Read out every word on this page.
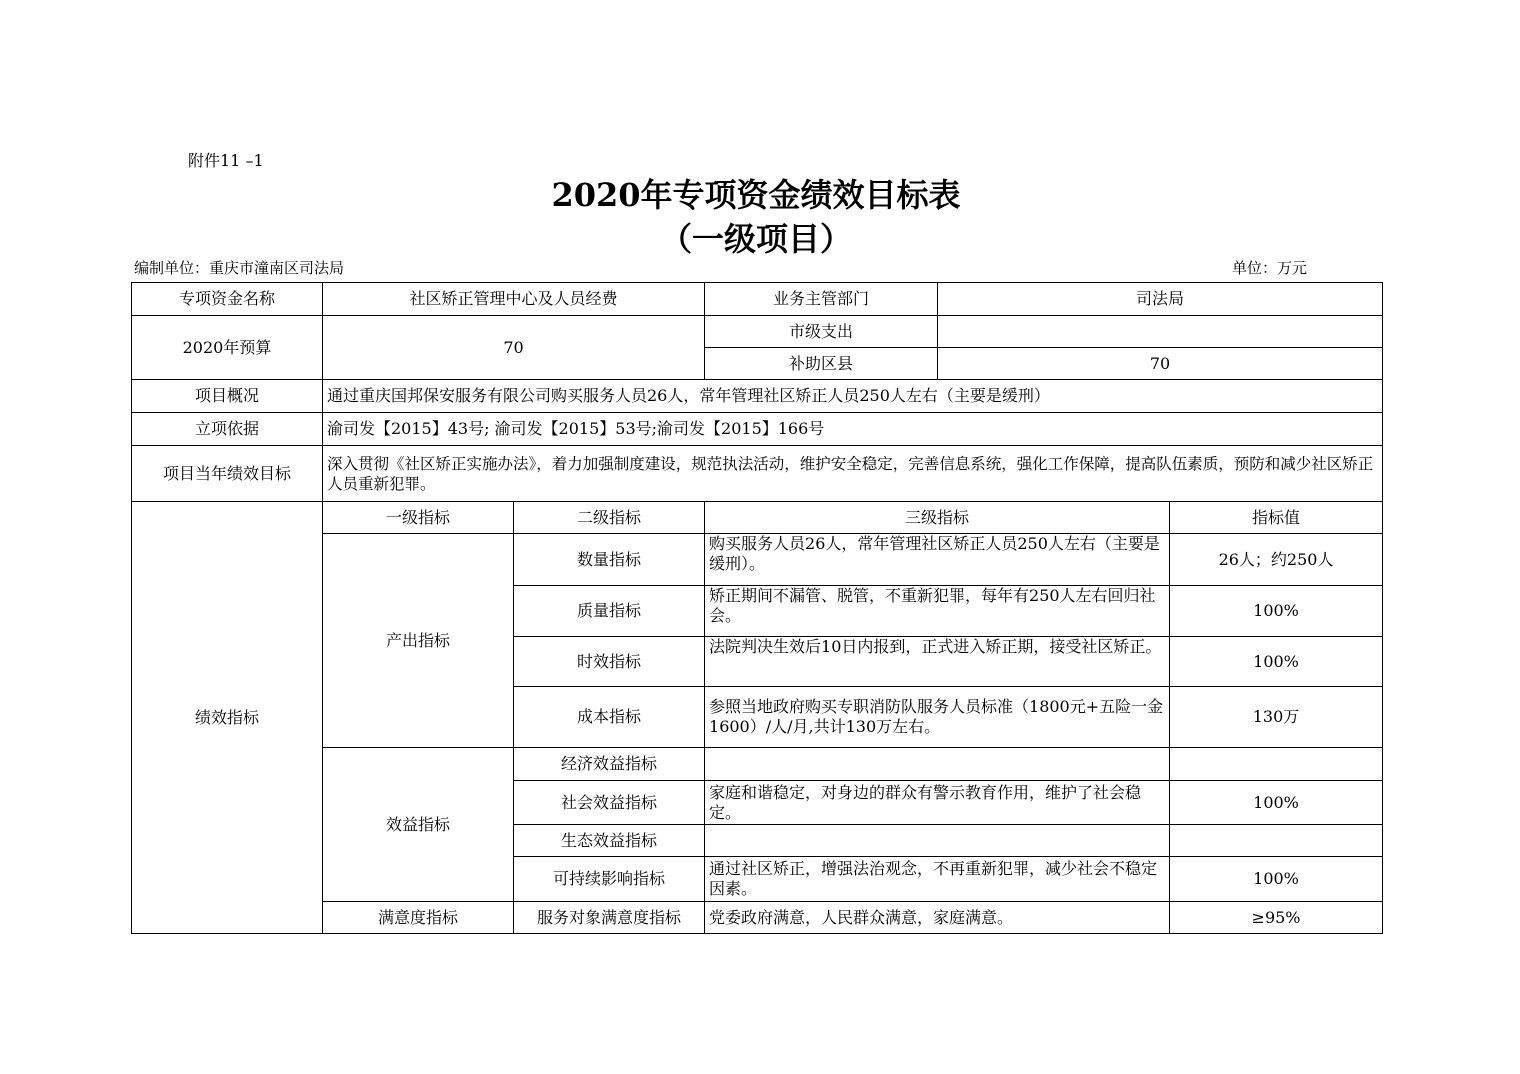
附件11 –1
2020年专项资金绩效目标表
（一级项目）
编制单位：重庆市潼南区司法局	单位：万元
专项资金名称	社区矫正管理中心及人员经费		业务主管部门	司法局	
2020年预算	70		市级支出		
			补助区县	70	
项目概况	通过重庆国邦保安服务有限公司购买服务人员26人，常年管理社区矫正人员250人左右（主要是缓刑）				
立项依据	渝司发【2015】43号; 渝司发【2015】53号;渝司发【2015】166号				
项目当年绩效目标	深入贯彻《社区矫正实施办法》，着力加强制度建设，规范执法活动，维护安全稳定，完善信息系统，强化工作保障，提高队伍素质，预防和减少社区矫正人员重新犯罪。				
绩效指标	一级指标	二级指标	三级指标		指标值
	产出指标	数量指标	购买服务人员26人，常年管理社区矫正人员250人左右（主要是缓刑）。		26人；约250人
		质量指标	矫正期间不漏管、脱管，不重新犯罪，每年有250人左右回归社会。		100%
		时效指标	法院判决生效后10日内报到，正式进入矫正期，接受社区矫正。		100%
		成本指标	参照当地政府购买专职消防队服务人员标准（1800元+五险一金1600）/人/月,共计130万左右。		130万
	效益指标	经济效益指标			
		社会效益指标	家庭和谐稳定，对身边的群众有警示教育作用，维护了社会稳定。		100%
		生态效益指标			
		可持续影响指标	通过社区矫正，增强法治观念，不再重新犯罪，减少社会不稳定因素。		100%
	满意度指标	服务对象满意度指标	党委政府满意，人民群众满意，家庭满意。		≥95%
